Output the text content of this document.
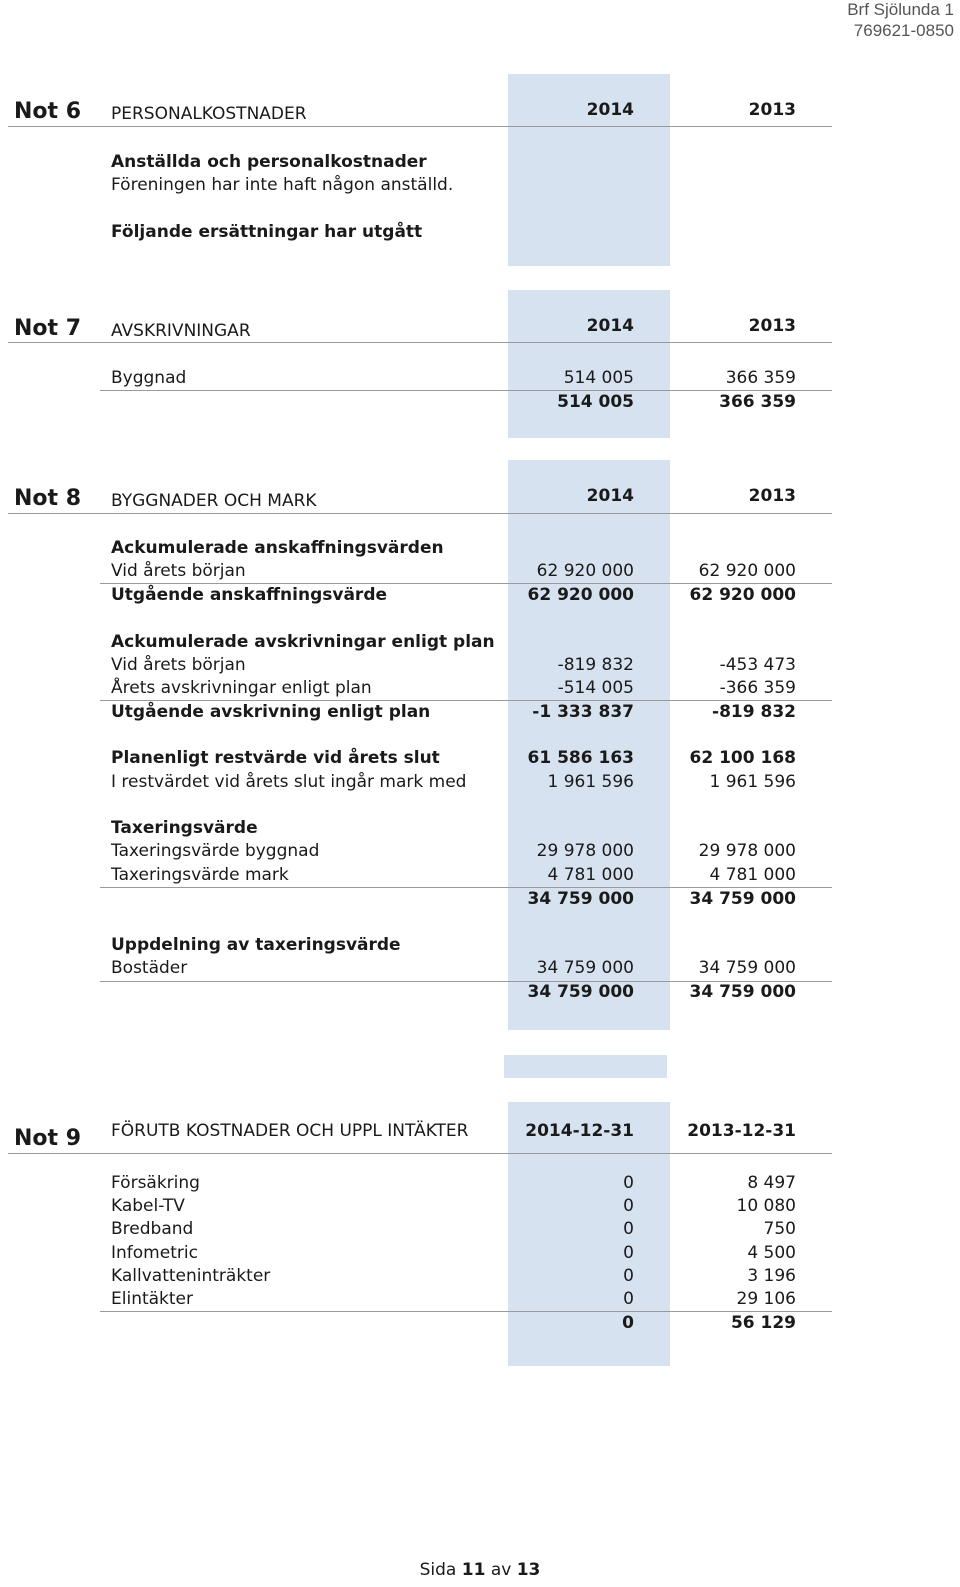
Brf Sjölunda 1
769621-0850
Not 6 PERSONALKOSTNADER	2014	2013
Anställda och personalkostnader
Föreningen har inte haft någon anställd.
Följande ersättningar har utgått
Not 7 AVSKRIVNINGAR	2014	2013
Byggnad	514 005	366 359
514 005	366 359
Not 8 BYGGNADER OCH MARK	2014	2013
Ackumulerade anskaffningsvärden
Vid årets början	62 920 000	62 920 000
Utgående anskaffningsvärde	62 920 000	62 920 000
Ackumulerade avskrivningar enligt plan
Vid årets början	-819 832	-453 473
Årets avskrivningar enligt plan	-514 005	-366 359
Utgående avskrivning enligt plan	-1 333 837	-819 832
Planenligt restvärde vid årets slut	61 586 163	62 100 168
I restvärdet vid årets slut ingår mark med	1 961 596	1 961 596
Taxeringsvärde
Taxeringsvärde byggnad	29 978 000	29 978 000
Taxeringsvärde mark	4 781 000	4 781 000
34 759 000	34 759 000
Uppdelning av taxeringsvärde
Bostäder	34 759 000	34 759 000
34 759 000	34 759 000
Not 9 FÖRUTB KOSTNADER OCH UPPL INTÄKTER	2014-12-31	2013-12-31
Försäkring	0	8 497
Kabel-TV	0	10 080
Bredband	0	750
Infometric	0	4 500
Kallvatteninträkter	0	3 196
Elintäkter	0	29 106
0	56 129
Sida 11 av 13
